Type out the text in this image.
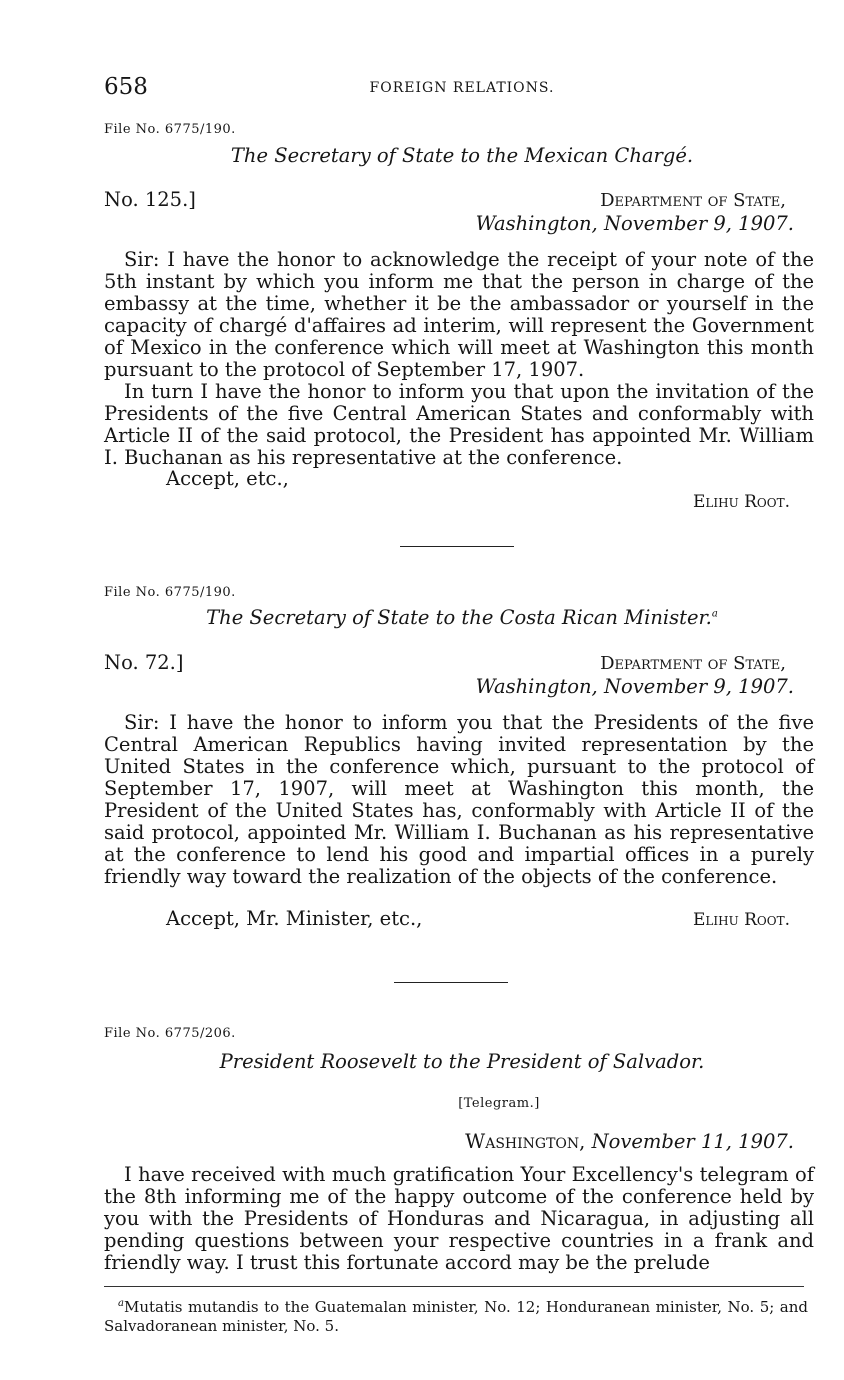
658	FOREIGN RELATIONS.
File No. 6775/190.
The Secretary of State to the Mexican Chargé.
No. 125.]	Department of State,
Washington, November 9, 1907.

Sir: I have the honor to acknowledge the receipt of your note of the 5th instant by which you inform me that the person in charge of the embassy at the time, whether it be the ambassador or yourself in the capacity of chargé d'affaires ad interim, will represent the Government of Mexico in the conference which will meet at Washington this month pursuant to the protocol of September 17, 1907.

In turn I have the honor to inform you that upon the invitation of the Presidents of the five Central American States and conformably with Article II of the said protocol, the President has appointed Mr. William I. Buchanan as his representative at the conference.

Accept, etc.,
Elihu Root.
File No. 6775/190.
The Secretary of State to the Costa Rican Minister.$^a$
No. 72.]	Department of State,
Washington, November 9, 1907.

Sir: I have the honor to inform you that the Presidents of the five Central American Republics having invited representation by the United States in the conference which, pursuant to the protocol of September 17, 1907, will meet at Washington this month, the President of the United States has, conformably with Article II of the said protocol, appointed Mr. William I. Buchanan as his representative at the conference to lend his good and impartial offices in a purely friendly way toward the realization of the objects of the conference.

Accept, Mr. Minister, etc.,	Elihu Root.
File No. 6775/206.
President Roosevelt to the President of Salvador.
[Telegram.]
Washington, November 11, 1907.

I have received with much gratification Your Excellency's telegram of the 8th informing me of the happy outcome of the conference held by you with the Presidents of Honduras and Nicaragua, in adjusting all pending questions between your respective countries in a frank and friendly way. I trust this fortunate accord may be the prelude

$^a$Mutatis mutandis to the Guatemalan minister, No. 12; Honduranean minister, No. 5; and Salvadoranean minister, No. 5.
